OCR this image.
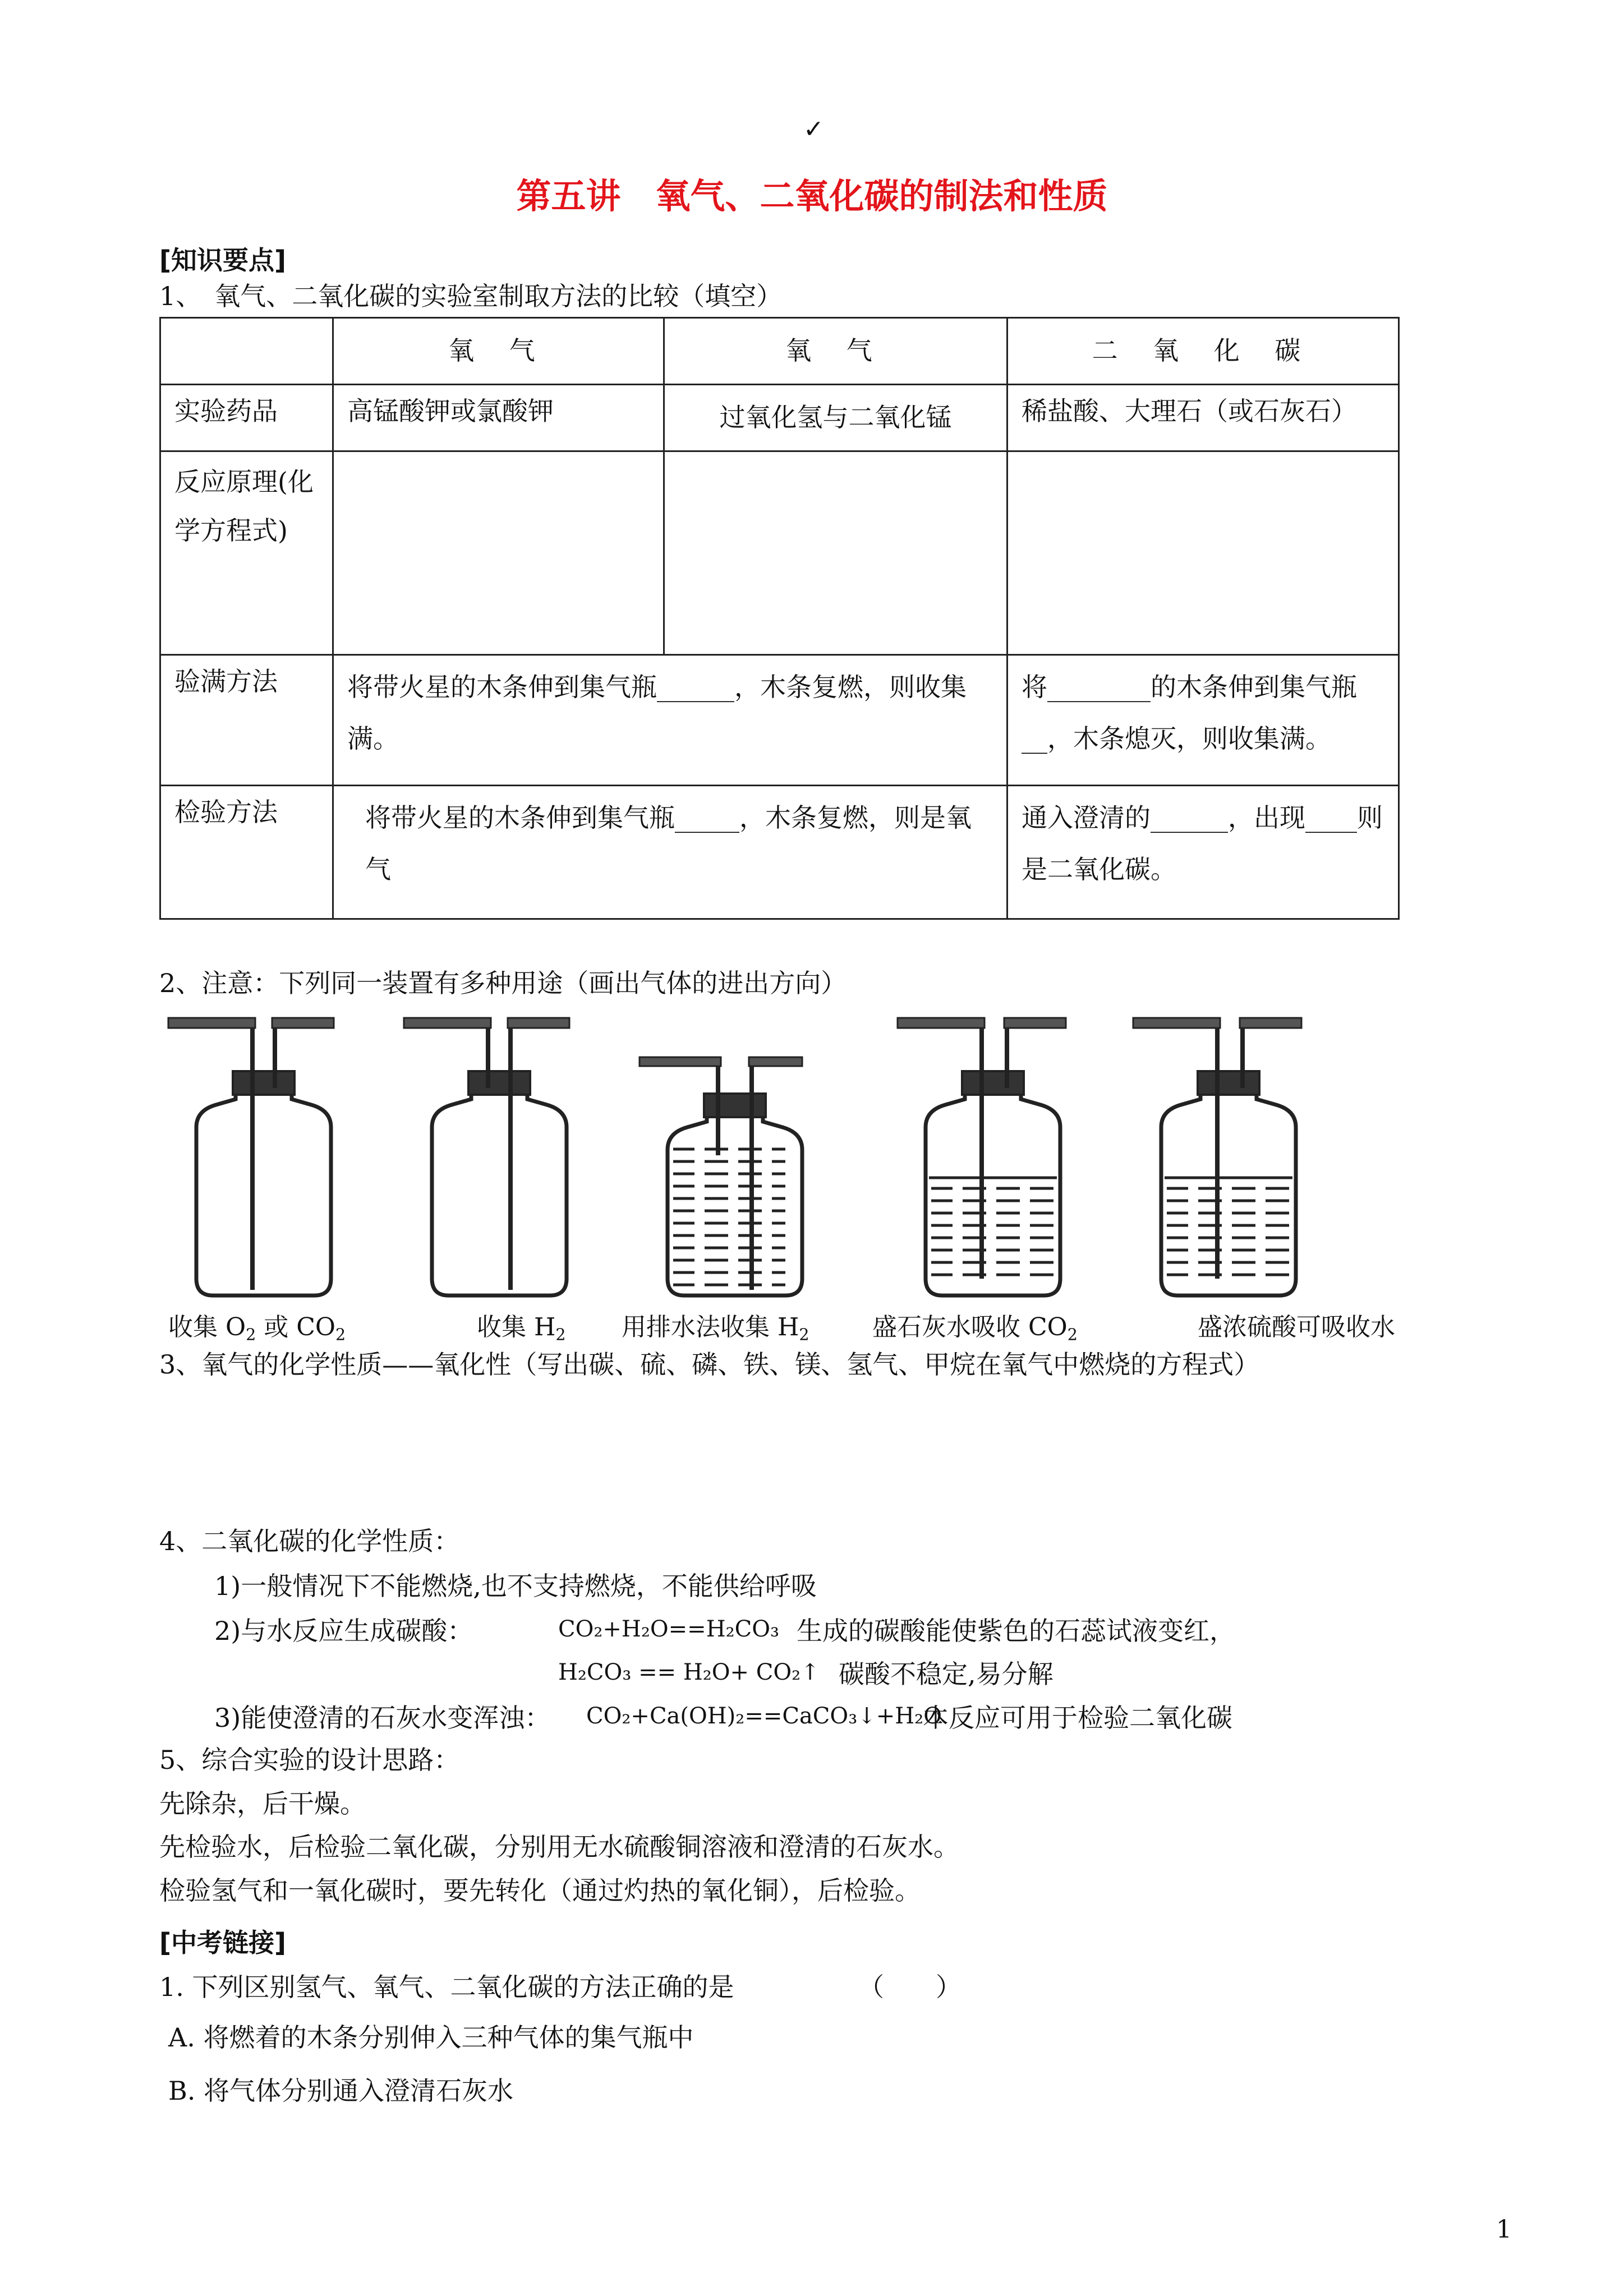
✓
第五讲　氧气、二氧化碳的制法和性质
[知识要点]
1、　氧气、二氧化碳的实验室制取方法的比较（填空）
	氧 气	氧 气	二 氧 化 碳
实验药品	高锰酸钾或氯酸钾	过氧化氢与二氧化锰	稀盐酸、大理石（或石灰石）
反应原理(化学方程式)			
验满方法	将带火星的木条伸到集气瓶______，木条复燃，则收集满。		将________的木条伸到集气瓶__，木条熄灭，则收集满。
检验方法	将带火星的木条伸到集气瓶_____，木条复燃，则是氧气		通入澄清的______，出现____则是二氧化碳。
2、注意：下列同一装置有多种用途（画出气体的进出方向）
收集 $O_2$ 或 $CO_2$	收集 $H_2$ 用排水法收集 $H_2$	盛石灰水吸收 $CO_2$	盛浓硫酸可吸收水
3、氧气的化学性质——氧化性（写出碳、硫、磷、铁、镁、氢气、甲烷在氧气中燃烧的方程式）
4、二氧化碳的化学性质：
1)一般情况下不能燃烧,也不支持燃烧，不能供给呼吸
2)与水反应生成碳酸：	CO₂+H₂O==H₂CO₃ 生成的碳酸能使紫色的石蕊试液变红，
H₂CO₃ == H₂O+ CO₂↑ 碳酸不稳定,易分解
3)能使澄清的石灰水变浑浊： CO₂+Ca(OH)₂==CaCO₃↓+H₂O
本反应可用于检验二氧化碳
5、综合实验的设计思路：
先除杂，后干燥。
先检验水，后检验二氧化碳，分别用无水硫酸铜溶液和澄清的石灰水。
检验氢气和一氧化碳时，要先转化（通过灼热的氧化铜），后检验。
[中考链接]
1. 下列区别氢气、氧气、二氧化碳的方法正确的是	（　　）
A. 将燃着的木条分别伸入三种气体的集气瓶中
B. 将气体分别通入澄清石灰水
1
